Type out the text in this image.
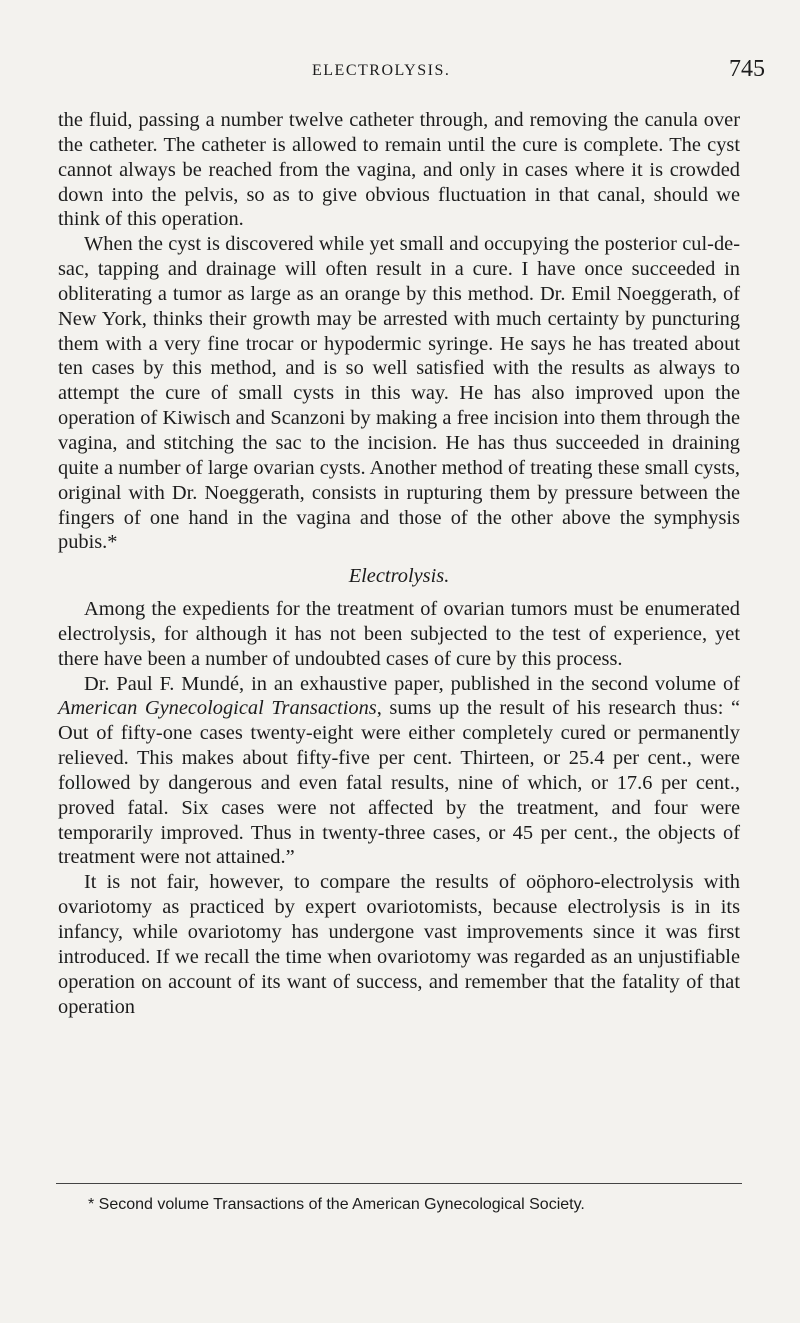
ELECTROLYSIS.	745

the fluid, passing a number twelve catheter through, and removing the canula over the catheter. The catheter is allowed to remain until the cure is complete. The cyst cannot always be reached from the vagina, and only in cases where it is crowded down into the pelvis, so as to give obvious fluctuation in that canal, should we think of this operation.

When the cyst is discovered while yet small and occupying the posterior cul-de-sac, tapping and drainage will often result in a cure. I have once succeeded in obliterating a tumor as large as an orange by this method. Dr. Emil Noeggerath, of New York, thinks their growth may be arrested with much certainty by puncturing them with a very fine trocar or hypodermic syringe. He says he has treated about ten cases by this method, and is so well satisfied with the results as always to attempt the cure of small cysts in this way. He has also improved upon the operation of Kiwisch and Scanzoni by making a free incision into them through the vagina, and stitching the sac to the incision. He has thus succeeded in draining quite a number of large ovarian cysts. Another method of treating these small cysts, original with Dr. Noeggerath, consists in rupturing them by pressure between the fingers of one hand in the vagina and those of the other above the symphysis pubis.*

Electrolysis.

Among the expedients for the treatment of ovarian tumors must be enumerated electrolysis, for although it has not been subjected to the test of experience, yet there have been a number of undoubted cases of cure by this process.

Dr. Paul F. Mundé, in an exhaustive paper, published in the second volume of American Gynecological Transactions, sums up the result of his research thus: “ Out of fifty-one cases twenty-eight were either completely cured or permanently relieved. This makes about fifty-five per cent. Thirteen, or 25.4 per cent., were followed by dangerous and even fatal results, nine of which, or 17.6 per cent., proved fatal. Six cases were not affected by the treatment, and four were temporarily improved. Thus in twenty-three cases, or 45 per cent., the objects of treatment were not attained.”

It is not fair, however, to compare the results of oöphoro-electrolysis with ovariotomy as practiced by expert ovariotomists, because electrolysis is in its infancy, while ovariotomy has undergone vast improvements since it was first introduced. If we recall the time when ovariotomy was regarded as an unjustifiable operation on account of its want of success, and remember that the fatality of that operation

* Second volume Transactions of the American Gynecological Society.
